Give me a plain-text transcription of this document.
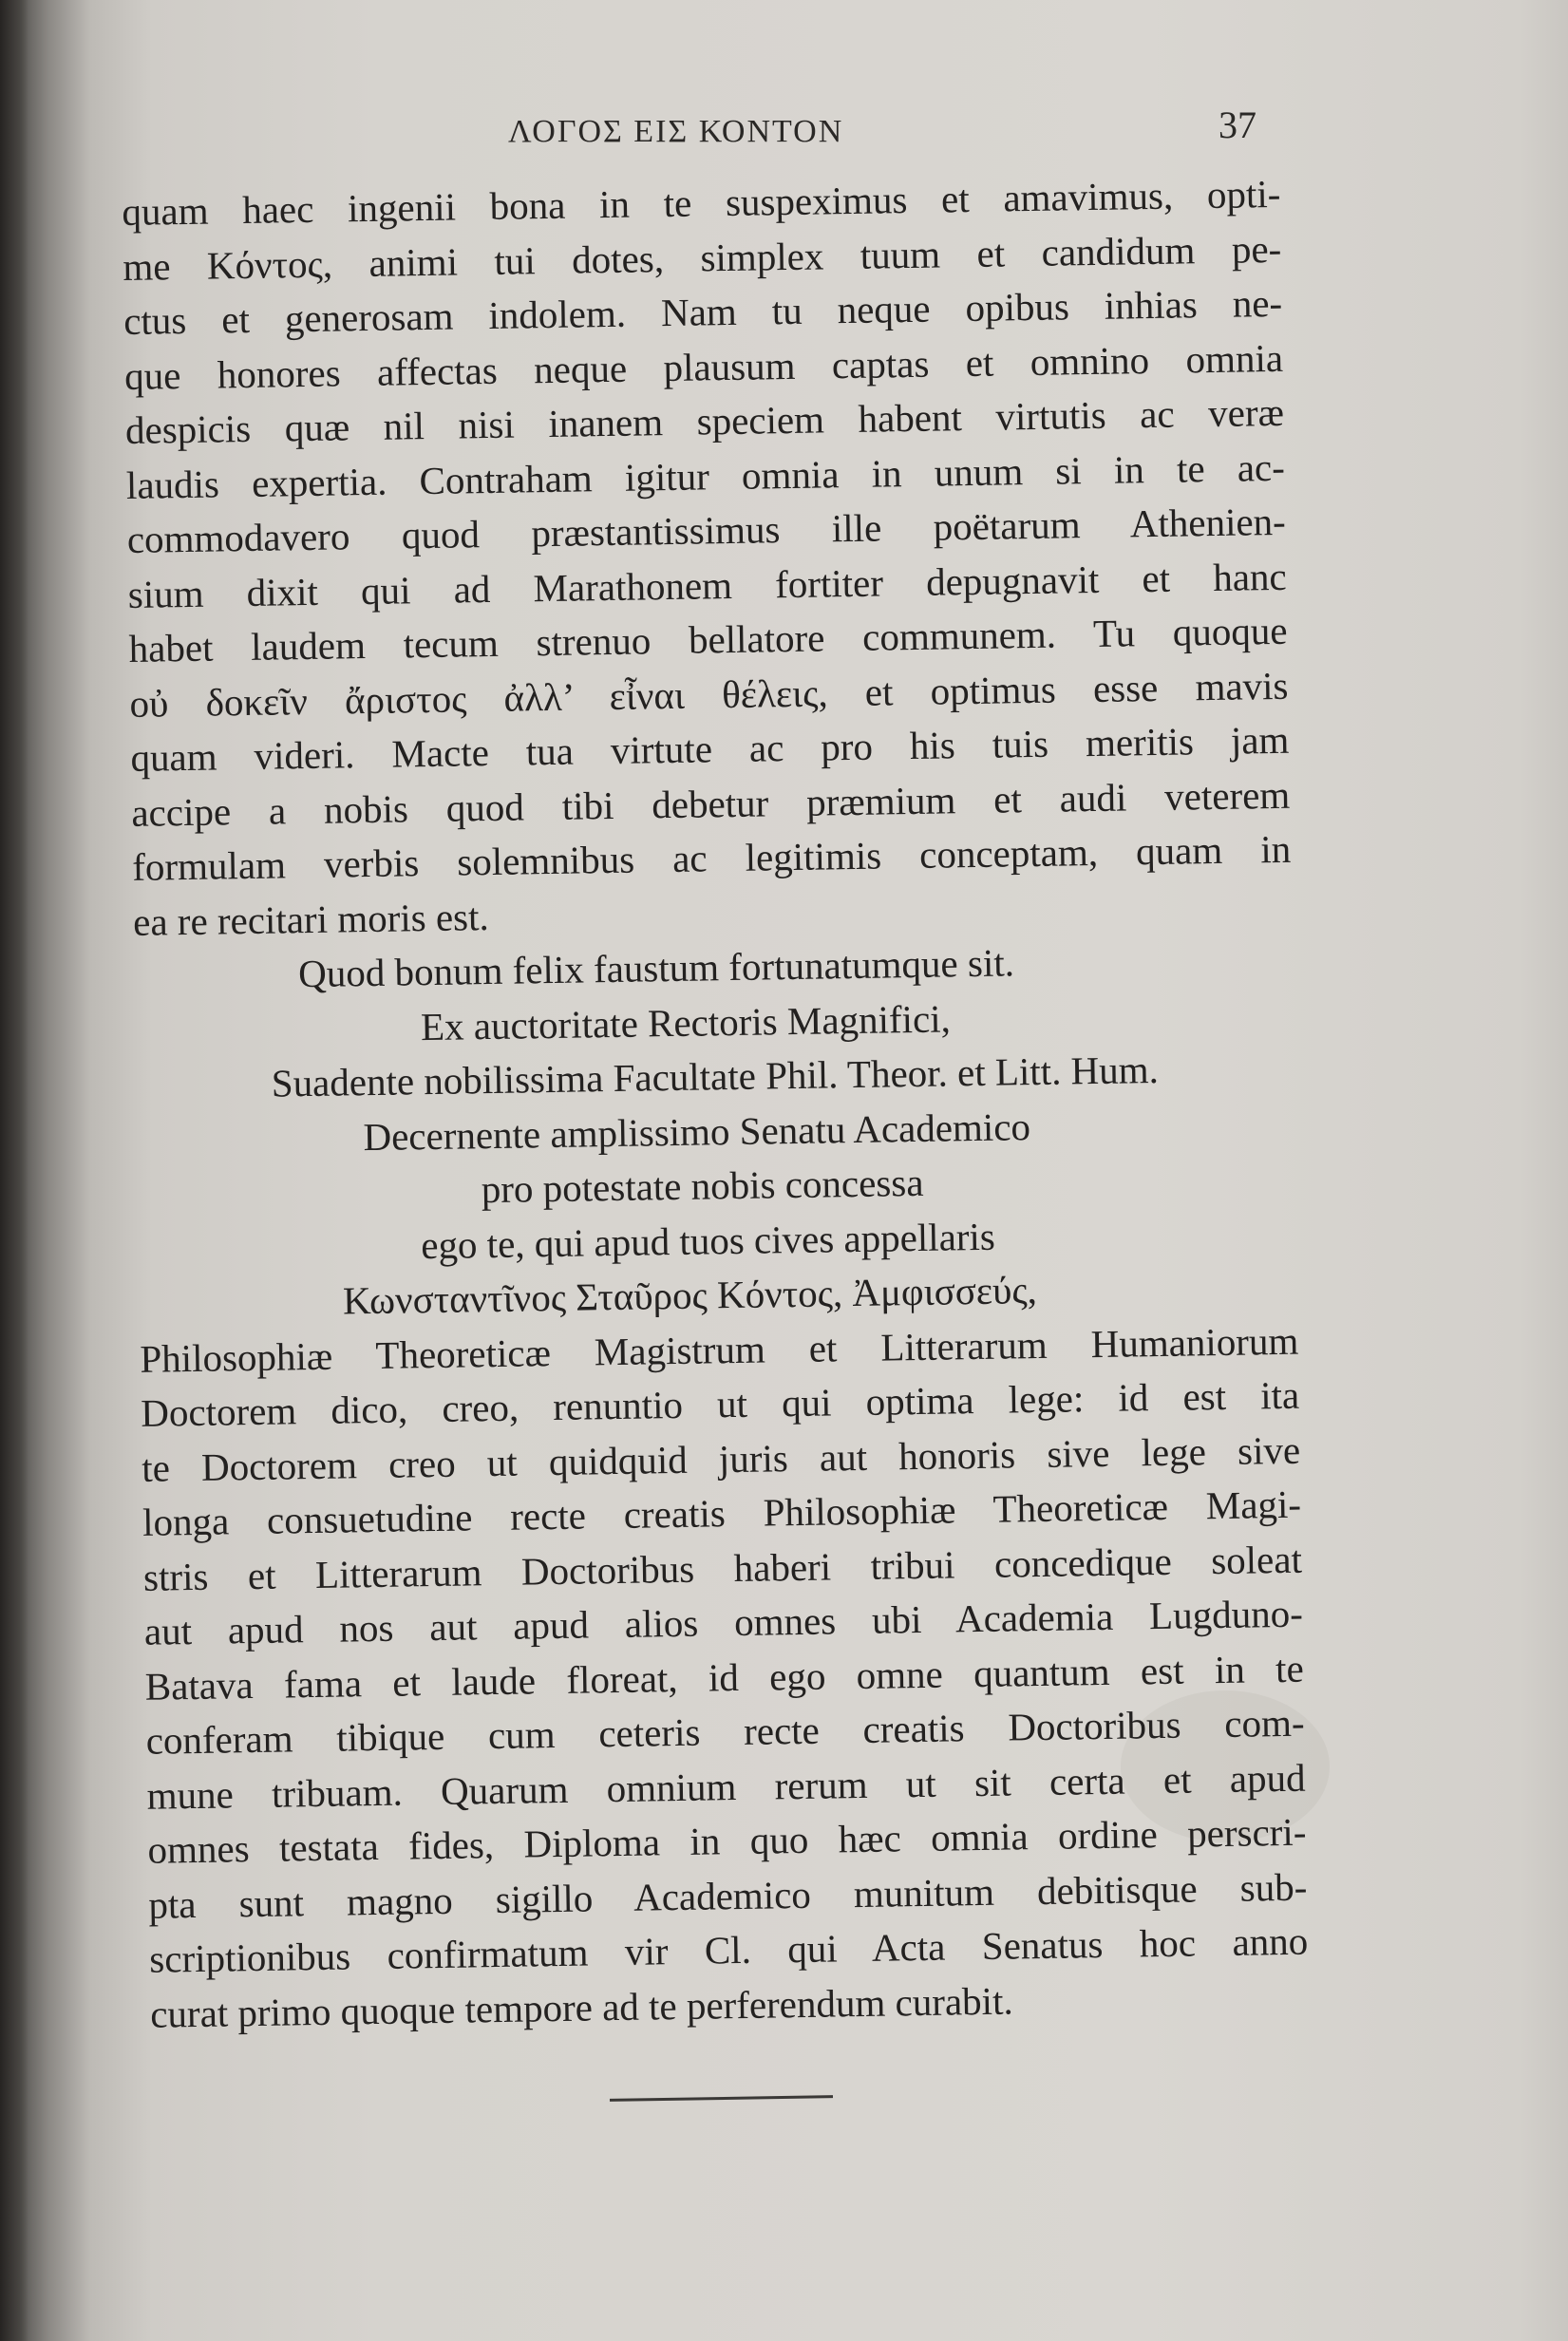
ΛΟΓΟΣ ΕΙΣ ΚΟΝΤΟΝ	37
quam haec ingenii bona in te suspeximus et amavimus, opti-
me Κόντος, animi tui dotes, simplex tuum et candidum pe-
ctus et generosam indolem. Nam tu neque opibus inhias ne-
que honores affectas neque plausum captas et omnino omnia
despicis quæ nil nisi inanem speciem habent virtutis ac veræ
laudis expertia. Contraham igitur omnia in unum si in te ac-
commodavero quod præstantissimus ille poëtarum Athenien-
sium dixit qui ad Marathonem fortiter depugnavit et hanc
habet laudem tecum strenuo bellatore communem. Tu quoque
οὐ δοκεῖν ἄριστος ἀλλ’ εἶναι θέλεις, et optimus esse mavis
quam videri. Macte tua virtute ac pro his tuis meritis jam
accipe a nobis quod tibi debetur præmium et audi veterem
formulam verbis solemnibus ac legitimis conceptam, quam in
ea re recitari moris est.
Quod bonum felix faustum fortunatumque sit.
Ex auctoritate Rectoris Magnifici,
Suadente nobilissima Facultate Phil. Theor. et Litt. Hum.
Decernente amplissimo Senatu Academico
pro potestate nobis concessa
ego te, qui apud tuos cives appellaris
Κωνσταντῖνος Σταῦρος Κόντος, Ἀμφισσεύς,
Philosophiæ Theoreticæ Magistrum et Litterarum Humaniorum
Doctorem dico, creo, renuntio ut qui optima lege: id est ita
te Doctorem creo ut quidquid juris aut honoris sive lege sive
longa consuetudine recte creatis Philosophiæ Theoreticæ Magi-
stris et Litterarum Doctoribus haberi tribui concedique soleat
aut apud nos aut apud alios omnes ubi Academia Lugduno-
Batava fama et laude floreat, id ego omne quantum est in te
conferam tibique cum ceteris recte creatis Doctoribus com-
mune tribuam. Quarum omnium rerum ut sit certa et apud
omnes testata fides, Diploma in quo hæc omnia ordine perscri-
pta sunt magno sigillo Academico munitum debitisque sub-
scriptionibus confirmatum vir Cl. qui Acta Senatus hoc anno
curat primo quoque tempore ad te perferendum curabit.
